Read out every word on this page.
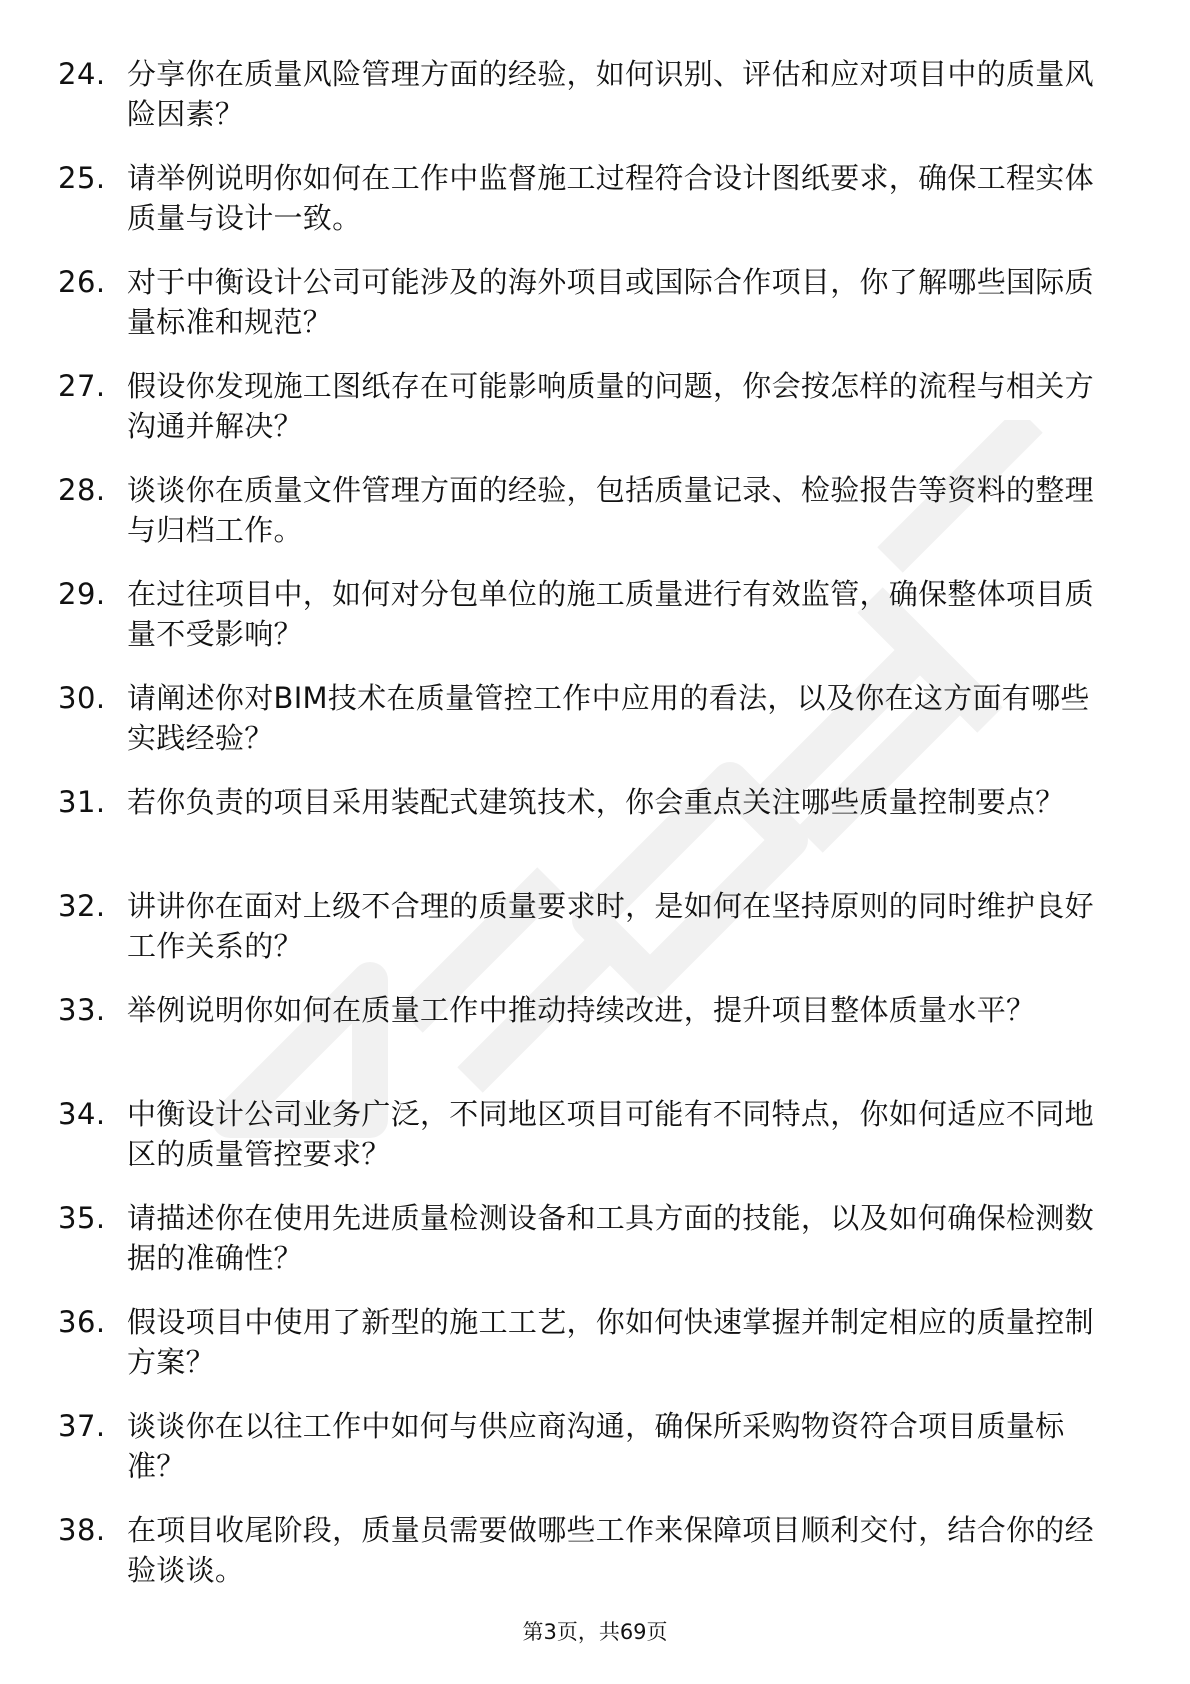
24. 分享你在质量风险管理方面的经验，如何识别、评估和应对项目中的质量风险因素？
25. 请举例说明你如何在工作中监督施工过程符合设计图纸要求，确保工程实体质量与设计一致。
26. 对于中衡设计公司可能涉及的海外项目或国际合作项目，你了解哪些国际质量标准和规范？
27. 假设你发现施工图纸存在可能影响质量的问题，你会按怎样的流程与相关方沟通并解决？
28. 谈谈你在质量文件管理方面的经验，包括质量记录、检验报告等资料的整理与归档工作。
29. 在过往项目中，如何对分包单位的施工质量进行有效监管，确保整体项目质量不受影响？
30. 请阐述你对BIM技术在质量管控工作中应用的看法，以及你在这方面有哪些实践经验？
31. 若你负责的项目采用装配式建筑技术，你会重点关注哪些质量控制要点？
32. 讲讲你在面对上级不合理的质量要求时，是如何在坚持原则的同时维护良好工作关系的？
33. 举例说明你如何在质量工作中推动持续改进，提升项目整体质量水平？
34. 中衡设计公司业务广泛，不同地区项目可能有不同特点，你如何适应不同地区的质量管控要求？
35. 请描述你在使用先进质量检测设备和工具方面的技能，以及如何确保检测数据的准确性？
36. 假设项目中使用了新型的施工工艺，你如何快速掌握并制定相应的质量控制方案？
37. 谈谈你在以往工作中如何与供应商沟通，确保所采购物资符合项目质量标准？
38. 在项目收尾阶段，质量员需要做哪些工作来保障项目顺利交付，结合你的经验谈谈。
第3页，共69页
